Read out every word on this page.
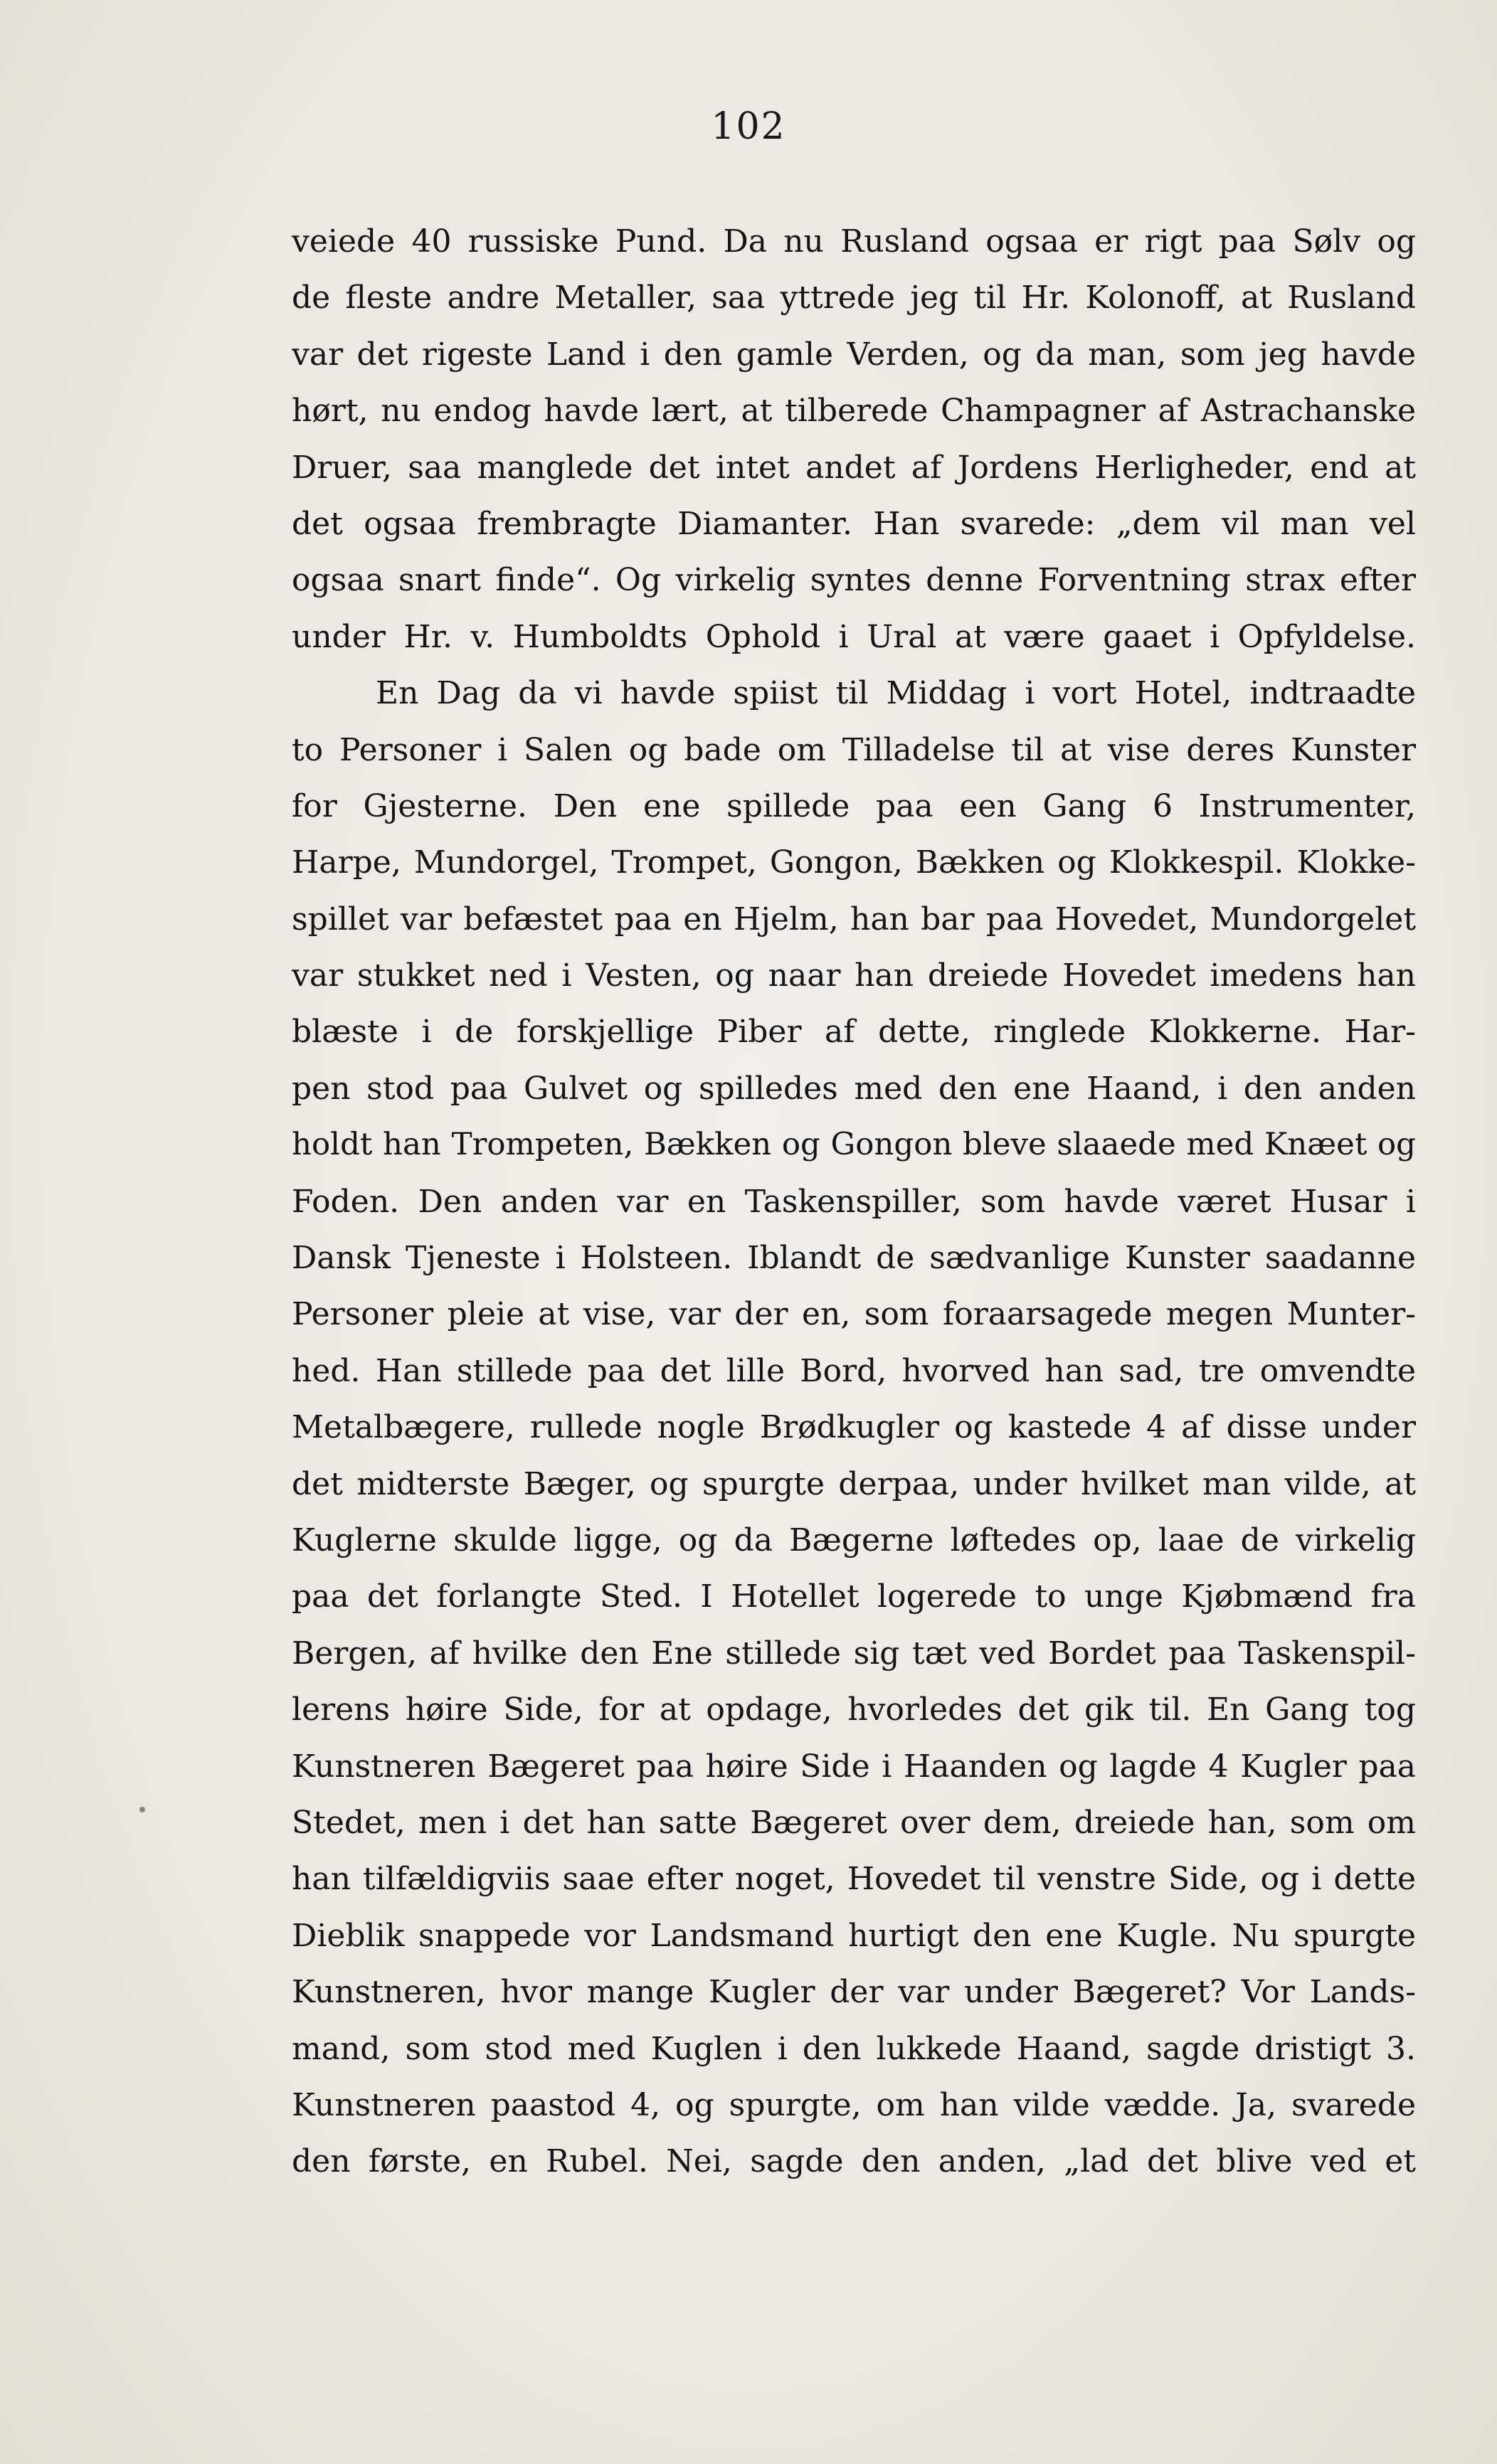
102
veiede 40 russiske Pund. Da nu Rusland ogsaa er rigt paa Sølv og
de fleste andre Metaller, saa yttrede jeg til Hr. Kolonoff, at Rusland
var det rigeste Land i den gamle Verden, og da man, som jeg havde
hørt, nu endog havde lært, at tilberede Champagner af Astrachanske
Druer, saa manglede det intet andet af Jordens Herligheder, end at
det ogsaa frembragte Diamanter. Han svarede: „dem vil man vel
ogsaa snart finde“. Og virkelig syntes denne Forventning strax efter
under Hr. v. Humboldts Ophold i Ural at være gaaet i Opfyldelse.
En Dag da vi havde spiist til Middag i vort Hotel, indtraadte
to Personer i Salen og bade om Tilladelse til at vise deres Kunster
for Gjesterne. Den ene spillede paa een Gang 6 Instrumenter,
Harpe, Mundorgel, Trompet, Gongon, Bækken og Klokkespil. Klokke-
spillet var befæstet paa en Hjelm, han bar paa Hovedet, Mundorgelet
var stukket ned i Vesten, og naar han dreiede Hovedet imedens han
blæste i de forskjellige Piber af dette, ringlede Klokkerne. Har-
pen stod paa Gulvet og spilledes med den ene Haand, i den anden
holdt han Trompeten, Bækken og Gongon bleve slaaede med Knæet og
Foden. Den anden var en Taskenspiller, som havde været Husar i
Dansk Tjeneste i Holsteen. Iblandt de sædvanlige Kunster saadanne
Personer pleie at vise, var der en, som foraarsagede megen Munter-
hed. Han stillede paa det lille Bord, hvorved han sad, tre omvendte
Metalbægere, rullede nogle Brødkugler og kastede 4 af disse under
det midterste Bæger, og spurgte derpaa, under hvilket man vilde, at
Kuglerne skulde ligge, og da Bægerne løftedes op, laae de virkelig
paa det forlangte Sted. I Hotellet logerede to unge Kjøbmænd fra
Bergen, af hvilke den Ene stillede sig tæt ved Bordet paa Taskenspil-
lerens høire Side, for at opdage, hvorledes det gik til. En Gang tog
Kunstneren Bægeret paa høire Side i Haanden og lagde 4 Kugler paa
Stedet, men i det han satte Bægeret over dem, dreiede han, som om
han tilfældigviis saae efter noget, Hovedet til venstre Side, og i dette
Dieblik snappede vor Landsmand hurtigt den ene Kugle. Nu spurgte
Kunstneren, hvor mange Kugler der var under Bægeret? Vor Lands-
mand, som stod med Kuglen i den lukkede Haand, sagde dristigt 3.
Kunstneren paastod 4, og spurgte, om han vilde vædde. Ja, svarede
den første, en Rubel. Nei, sagde den anden, „lad det blive ved et
